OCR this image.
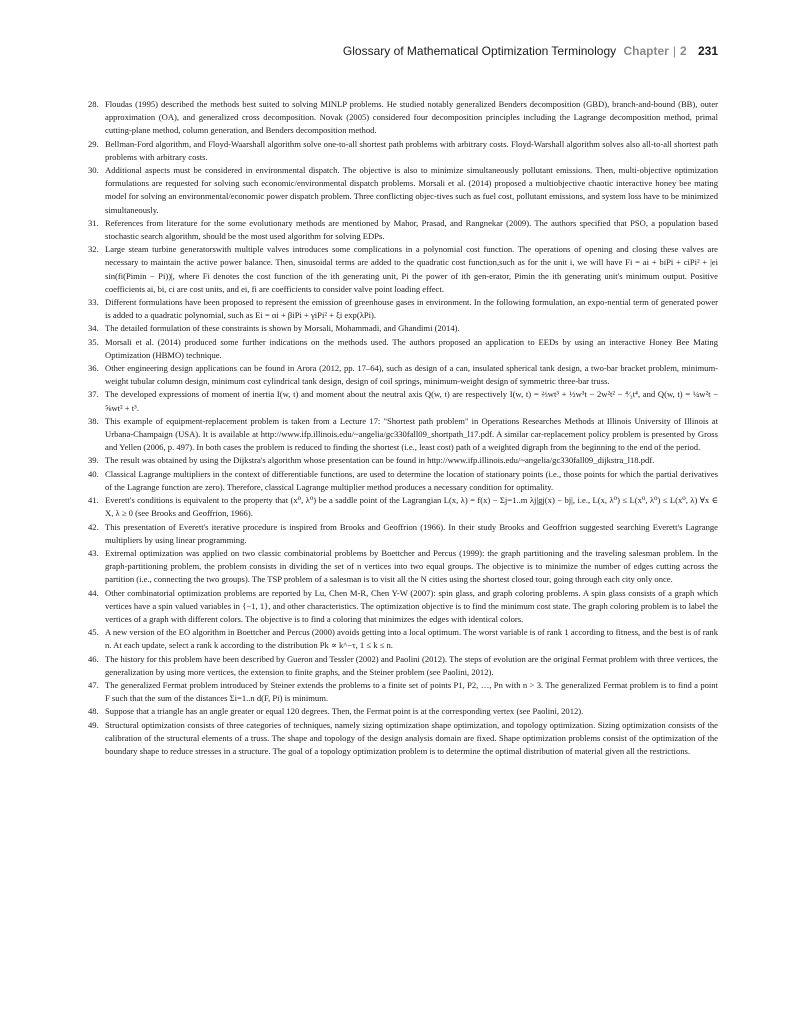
Glossary of Mathematical Optimization Terminology Chapter | 2 231
28. Floudas (1995) described the methods best suited to solving MINLP problems. He studied notably generalized Benders decomposition (GBD), branch-and-bound (BB), outer approximation (OA), and generalized cross decomposition. Novak (2005) considered four decomposition principles including the Lagrange decomposition method, primal cutting-plane method, column generation, and Benders decomposition method.
29. Bellman-Ford algorithm, and Floyd-Waarshall algorithm solve one-to-all shortest path problems with arbitrary costs. Floyd-Warshall algorithm solves also all-to-all shortest path problems with arbitrary costs.
30. Additional aspects must be considered in environmental dispatch. The objective is also to minimize simultaneously pollutant emissions. Then, multi-objective optimization formulations are requested for solving such economic/environmental dispatch problems. Morsali et al. (2014) proposed a multiobjective chaotic interactive honey bee mating model for solving an environmental/economic power dispatch problem. Three conflicting objec-tives such as fuel cost, pollutant emissions, and system loss have to be minimized simultaneously.
31. References from literature for the some evolutionary methods are mentioned by Mahor, Prasad, and Rangnekar (2009). The authors specified that PSO, a population based stochastic search algorithm, should be the most used algorithm for solving EDPs.
32. Large steam turbine generatorswith multiple valves introduces some complications in a polynomial cost function. The operations of opening and closing these valves are necessary to maintain the active power balance. Then, sinusoidal terms are added to the quadratic cost function,such as for the unit i, we will have Fi = ai + biPi + ciPi² + |ei sin(fi(Pimin − Pi))|, where Fi denotes the cost function of the ith generating unit, Pi the power of ith gen-erator, Pimin the ith generating unit's minimum output. Positive coefficients ai, bi, ci are cost units, and ei, fi are coefficients to consider valve point loading effect.
33. Different formulations have been proposed to represent the emission of greenhouse gases in environment. In the following formulation, an expo-nential term of generated power is added to a quadratic polynomial, such as Ei = αi + βiPi + γiPi² + ξi exp(λPi).
34. The detailed formulation of these constraints is shown by Morsali, Mohammadi, and Ghandimi (2014).
35. Morsali et al. (2014) produced some further indications on the methods used. The authors proposed an application to EEDs by using an interactive Honey Bee Mating Optimization (HBMO) technique.
36. Other engineering design applications can be found in Arora (2012, pp. 17–64), such as design of a can, insulated spherical tank design, a two-bar bracket problem, minimum-weight tubular column design, minimum cost cylindrical tank design, design of coil springs, minimum-weight design of symmetric three-bar truss.
37. The developed expressions of moment of inertia I(w, t) and moment about the neutral axis Q(w, t) are respectively I(w, t) = ⅔wt³ + ½w³t − 2w²t² − ⁴⁄₃t⁴, and Q(w, t) = ¼w²t − ⅝wt² + t³.
38. This example of equipment-replacement problem is taken from a Lecture 17: "Shortest path problem" in Operations Researches Methods at Illinois University of Illinois at Urbana-Champaign (USA). It is available at http://www.ifp.illinois.edu/~angelia/gc330fall09_shortpath_l17.pdf. A similar car-replacement policy problem is presented by Gross and Yellen (2006, p. 497). In both cases the problem is reduced to finding the shortest (i.e., least cost) path of a weighted digraph from the beginning to the end of the period.
39. The result was obtained by using the Dijkstra's algorithm whose presentation can be found in http://www.ifp.illinois.edu/~angelia/gc330fall09_dijkstra_l18.pdf.
40. Classical Lagrange multipliers in the context of differentiable functions, are used to determine the location of stationary points (i.e., those points for which the partial derivatives of the Lagrange function are zero). Therefore, classical Lagrange multiplier method produces a necessary condition for optimality.
41. Everett's conditions is equivalent to the property that (x⁰, λ⁰) be a saddle point of the Lagrangian L(x, λ) = f(x) − Σj=1..m λj|gj(x) − bj|, i.e., L(x, λ⁰) ≤ L(x⁰, λ⁰) ≤ L(x⁰, λ) ∀x ∈ X, λ ≥ 0 (see Brooks and Geoffrion, 1966).
42. This presentation of Everett's iterative procedure is inspired from Brooks and Geoffrion (1966). In their study Brooks and Geoffrion suggested searching Everett's Lagrange multipliers by using linear programming.
43. Extremal optimization was applied on two classic combinatorial problems by Boettcher and Percus (1999): the graph partitioning and the traveling salesman problem. In the graph-partitioning problem, the problem consists in dividing the set of n vertices into two equal groups. The objective is to minimize the number of edges cutting across the partition (i.e., connecting the two groups). The TSP problem of a salesman is to visit all the N cities using the shortest closed tour, going through each city only once.
44. Other combinatorial optimization problems are reported by Lu, Chen M-R, Chen Y-W (2007): spin glass, and graph coloring problems. A spin glass consists of a graph which vertices have a spin valued variables in {−1, 1}, and other characteristics. The optimization objective is to find the minimum cost state. The graph coloring problem is to label the vertices of a graph with different colors. The objective is to find a coloring that minimizes the edges with identical colors.
45. A new version of the EO algorithm in Boettcher and Percus (2000) avoids getting into a local optimum. The worst variable is of rank 1 according to fitness, and the best is of rank n. At each update, select a rank k according to the distribution Pk ∝ k^−τ, 1 ≤ k ≤ n.
46. The history for this problem have been described by Gueron and Tessler (2002) and Paolini (2012). The steps of evolution are the original Fermat problem with three vertices, the generalization by using more vertices, the extension to finite graphs, and the Steiner problem (see Paolini, 2012).
47. The generalized Fermat problem introduced by Steiner extends the problems to a finite set of points P1, P2, …, Pn with n > 3. The generalized Fermat problem is to find a point F such that the sum of the distances Σi=1..n d(F, Pi) is minimum.
48. Suppose that a triangle has an angle greater or equal 120 degrees. Then, the Fermat point is at the corresponding vertex (see Paolini, 2012).
49. Structural optimization consists of three categories of techniques, namely sizing optimization shape optimization, and topology optimization. Sizing optimization consists of the calibration of the structural elements of a truss. The shape and topology of the design analysis domain are fixed. Shape optimization problems consist of the optimization of the boundary shape to reduce stresses in a structure. The goal of a topology optimization problem is to determine the optimal distribution of material given all the restrictions.
